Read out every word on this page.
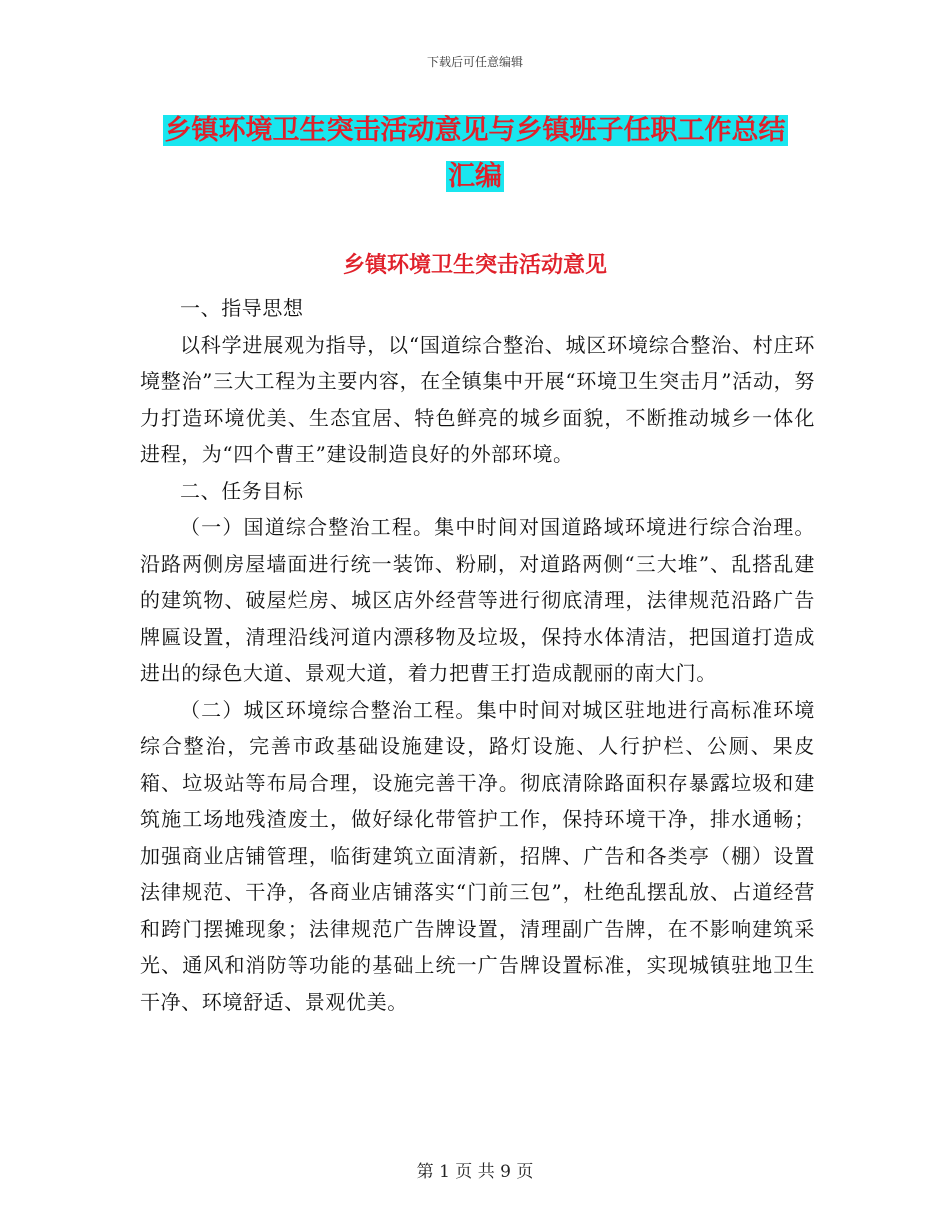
下载后可任意编辑
乡镇环境卫生突击活动意见与乡镇班子任职工作总结
汇编
乡镇环境卫生突击活动意见

一、指导思想

以科学进展观为指导，以“国道综合整治、城区环境综合整治、村庄环境整治”三大工程为主要内容，在全镇集中开展“环境卫生突击月”活动，努力打造环境优美、生态宜居、特色鲜亮的城乡面貌，不断推动城乡一体化进程，为“四个曹王”建设制造良好的外部环境。

二、任务目标

（一）国道综合整治工程。集中时间对国道路域环境进行综合治理。沿路两侧房屋墙面进行统一装饰、粉刷，对道路两侧“三大堆”、乱搭乱建的建筑物、破屋烂房、城区店外经营等进行彻底清理，法律规范沿路广告牌匾设置，清理沿线河道内漂移物及垃圾，保持水体清洁，把国道打造成进出的绿色大道、景观大道，着力把曹王打造成靓丽的南大门。

（二）城区环境综合整治工程。集中时间对城区驻地进行高标准环境综合整治，完善市政基础设施建设，路灯设施、人行护栏、公厕、果皮箱、垃圾站等布局合理，设施完善干净。彻底清除路面积存暴露垃圾和建筑施工场地残渣废土，做好绿化带管护工作，保持环境干净，排水通畅；加强商业店铺管理，临街建筑立面清新，招牌、广告和各类亭（棚）设置法律规范、干净，各商业店铺落实“门前三包”，杜绝乱摆乱放、占道经营和跨门摆摊现象；法律规范广告牌设置，清理副广告牌，在不影响建筑采光、通风和消防等功能的基础上统一广告牌设置标准，实现城镇驻地卫生干净、环境舒适、景观优美。

第 1 页 共 9 页
